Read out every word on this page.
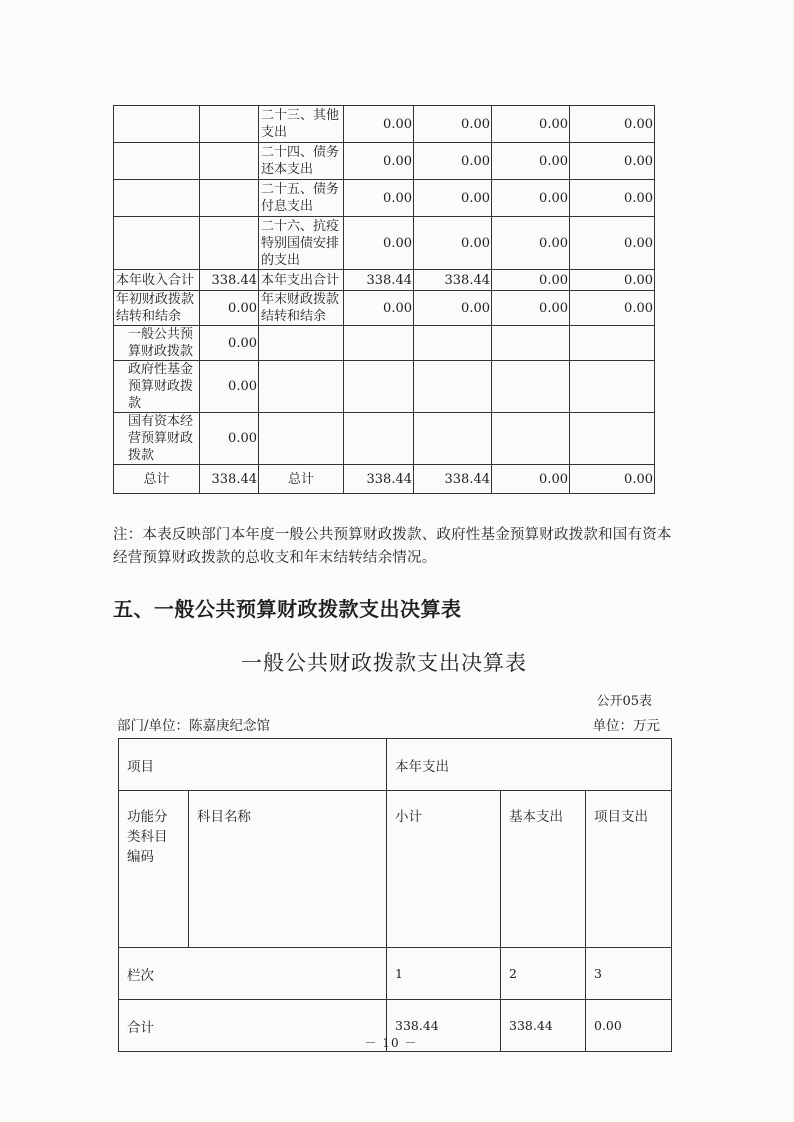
		二十三、其他支出	0.00	0.00	0.00	0.00
		二十四、债务还本支出	0.00	0.00	0.00	0.00
		二十五、债务付息支出	0.00	0.00	0.00	0.00
		二十六、抗疫特别国债安排的支出	0.00	0.00	0.00	0.00
本年收入合计	338.44	本年支出合计	338.44	338.44	0.00	0.00
年初财政拨款结转和结余	0.00	年末财政拨款结转和结余	0.00	0.00	0.00	0.00
一般公共预算财政拨款	0.00					
政府性基金预算财政拨款	0.00					
国有资本经营预算财政拨款	0.00					
总计	338.44	总计	338.44	338.44	0.00	0.00
注：本表反映部门本年度一般公共预算财政拨款、政府性基金预算财政拨款和国有资本经营预算财政拨款的总收支和年末结转结余情况。
五、一般公共预算财政拨款支出决算表
一般公共财政拨款支出决算表
公开05表
部门/单位：陈嘉庚纪念馆	单位：万元
项目		本年支出		
功能分类科目编码	科目名称	小计	基本支出	项目支出
栏次		1	2	3
合计		338.44	338.44	0.00
－ 10 －
